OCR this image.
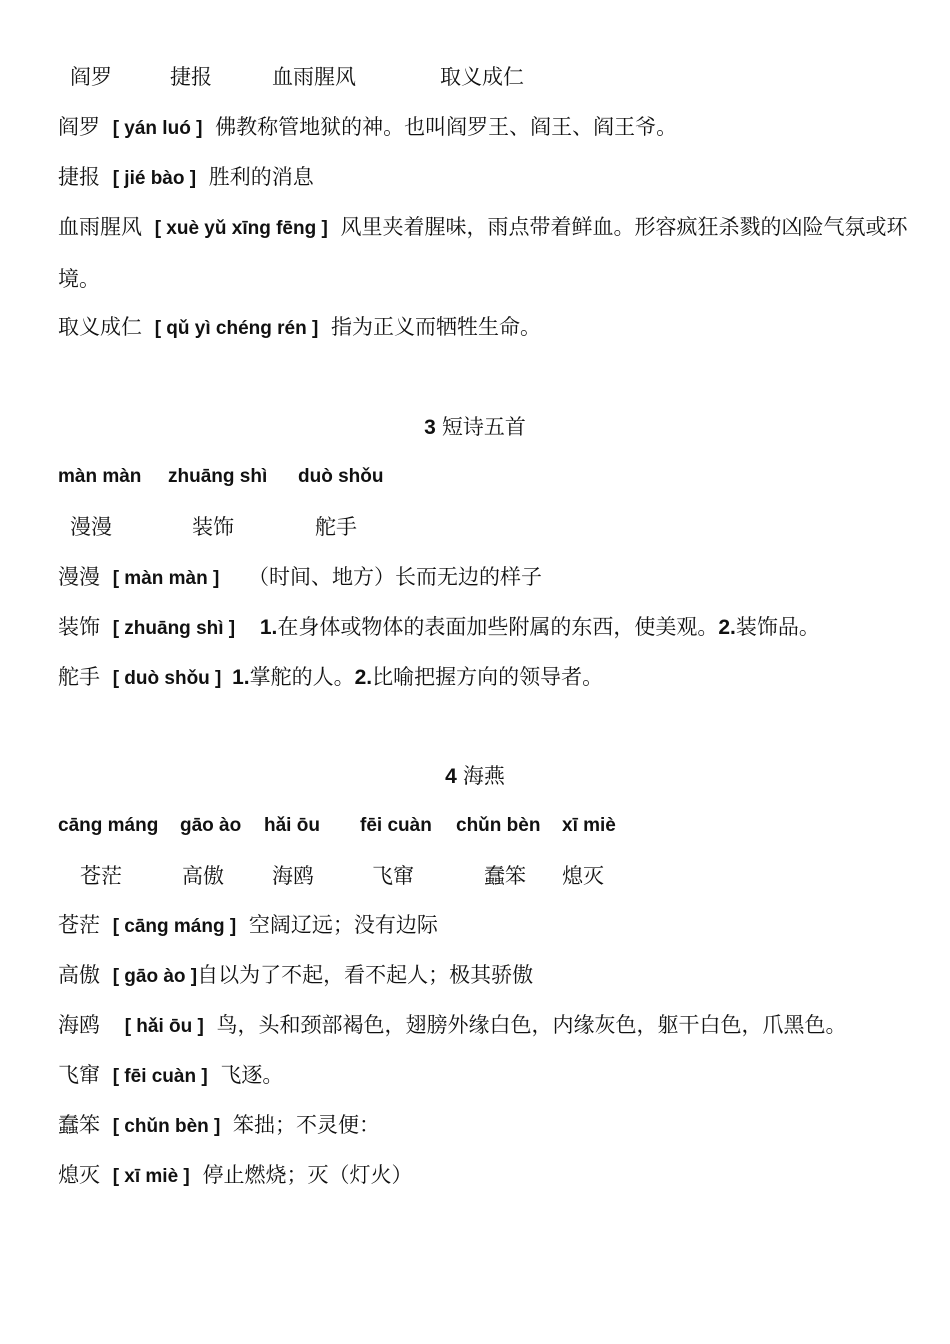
阎罗	捷报	血雨腥风	取义成仁
阎罗 [ yán luó ] 佛教称管地狱的神。也叫阎罗王、阎王、阎王爷。
捷报 [ jié bào ] 胜利的消息
血雨腥风 [ xuè yǔ xīng fēng ] 风里夹着腥味，雨点带着鲜血。形容疯狂杀戮的凶险气氛或环境。
取义成仁 [ qǔ yì chéng rén ] 指为正义而牺牲生命。
3 短诗五首
màn màn zhuāng shì duò shǒu
漫漫	装饰	舵手
漫漫 [ màn màn ] （时间、地方）长而无边的样子
装饰 [ zhuāng shì ] 1.在身体或物体的表面加些附属的东西，使美观。2.装饰品。
舵手 [ duò shǒu ] 1.掌舵的人。2.比喻把握方向的领导者。
4 海燕
cāng máng gāo ào hǎi ōu fēi cuàn chǔn bèn xī miè
苍茫	高傲 海鸥	飞窜	蠢笨 熄灭
苍茫 [ cāng máng ] 空阔辽远；没有边际
高傲 [ gāo ào ]自以为了不起，看不起人；极其骄傲
海鸥 [ hǎi ōu ] 鸟，头和颈部褐色，翅膀外缘白色，内缘灰色，躯干白色，爪黑色。
飞窜 [ fēi cuàn ] 飞逐。
蠢笨 [ chǔn bèn ] 笨拙；不灵便：
熄灭 [ xī miè ] 停止燃烧；灭（灯火）
